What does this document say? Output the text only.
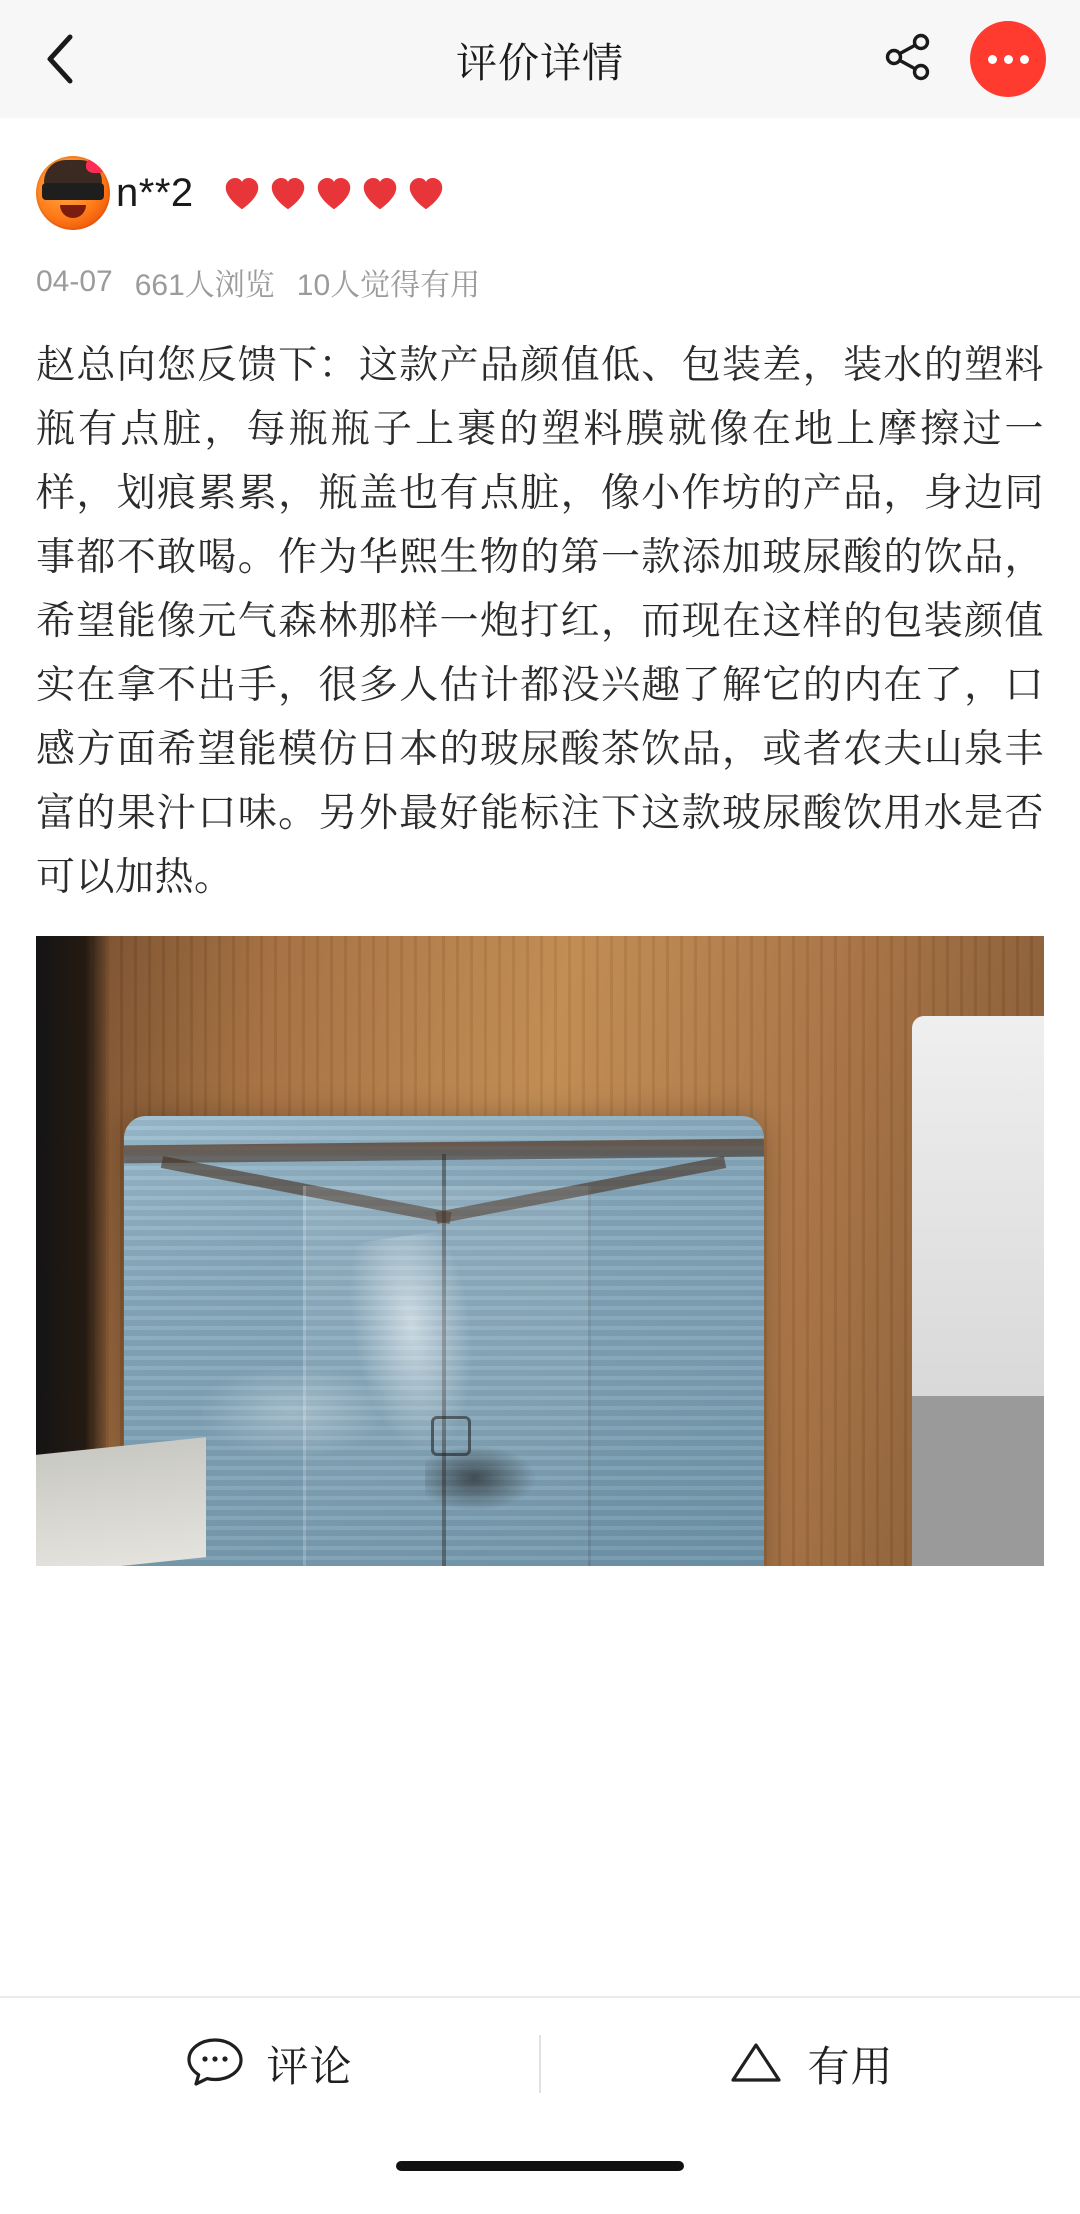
评价详情
n**2
04-07 661人浏览 10人觉得有用
赵总向您反馈下：这款产品颜值低、包装差，装水的塑料瓶有点脏，每瓶瓶子上裹的塑料膜就像在地上摩擦过一样，划痕累累，瓶盖也有点脏，像小作坊的产品，身边同事都不敢喝。作为华熙生物的第一款添加玻尿酸的饮品，希望能像元气森林那样一炮打红，而现在这样的包装颜值实在拿不出手，很多人估计都没兴趣了解它的内在了，口感方面希望能模仿日本的玻尿酸茶饮品，或者农夫山泉丰富的果汁口味。另外最好能标注下这款玻尿酸饮用水是否可以加热。
评论	有用
